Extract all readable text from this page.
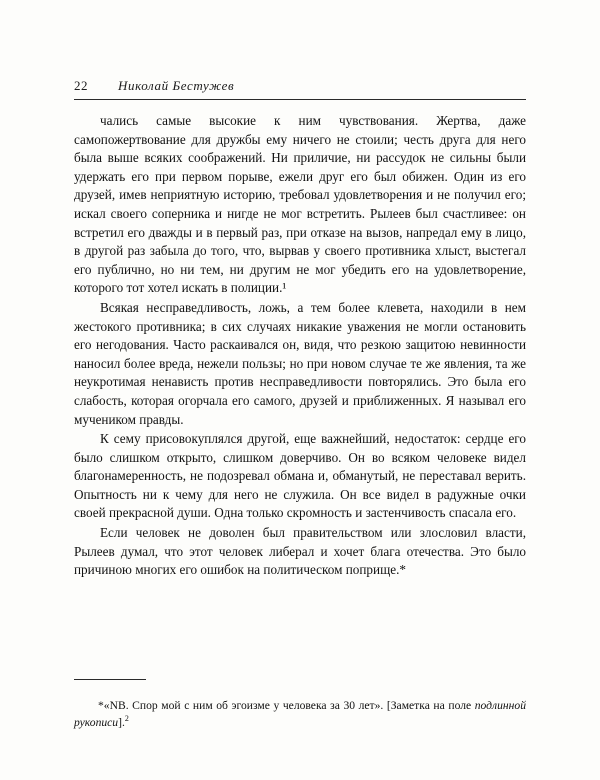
22	Николай Бестужев

чались самые высокие к ним чувствования. Жертва, даже самопожертвование для дружбы ему ничего не стоили; честь друга для него была выше всяких соображений. Ни приличие, ни рассудок не сильны были удержать его при первом порыве, ежели друг его был обижен. Один из его друзей, имев неприятную историю, требовал удовлетворения и не получил его; искал своего соперника и нигде не мог встретить. Рылеев был счастливее: он встретил его дважды и в первый раз, при отказе на вызов, напредал ему в лицо, в другой раз забыла до того, что, вырвав у своего противника хлыст, выстегал его публично, но ни тем, ни другим не мог убедить его на удовлетворение, которого тот хотел искать в полиции.¹

Всякая несправедливость, ложь, а тем более клевета, находили в нем жестокого противника; в сих случаях никакие уважения не могли остановить его негодования. Часто раскаивался он, видя, что резкою защитою невинности наносил более вреда, нежели пользы; но при новом случае те же явления, та же неукротимая ненависть против несправедливости повторялись. Это была его слабость, которая огорчала его самого, друзей и приближенных. Я называл его мучеником правды.

К сему присовокуплялся другой, еще важнейший, недостаток: сердце его было слишком открыто, слишком доверчиво. Он во всяком человеке видел благонамеренность, не подозревал обмана и, обманутый, не переставал верить. Опытность ни к чему для него не служила. Он все видел в радужные очки своей прекрасной души. Одна только скромность и застенчивость спасала его.

Если человек не доволен был правительством или злословил власти, Рылеев думал, что этот человек либерал и хочет блага отечества. Это было причиною многих его ошибок на политическом поприще.*

*«NB. Спор мой с ним об эгоизме у человека за 30 лет». [Заметка на поле подлинной рукописи].$^2$
